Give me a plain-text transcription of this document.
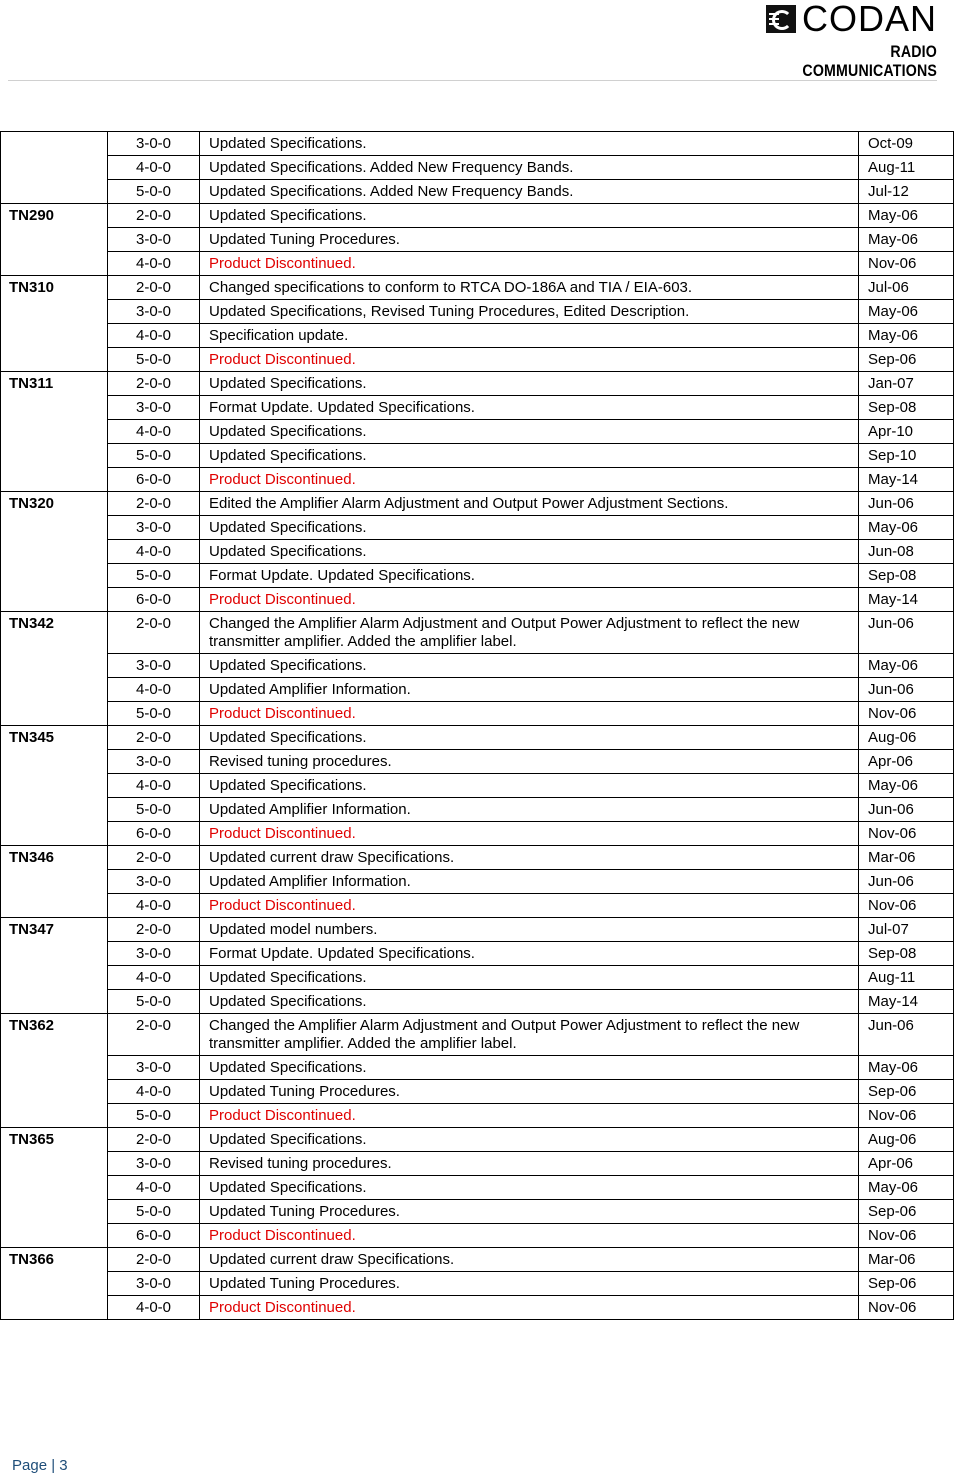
CODAN
RADIO COMMUNICATIONS
	3-0-0	Updated Specifications.	Oct-09
	4-0-0	Updated Specifications. Added New Frequency Bands.	Aug-11
	5-0-0	Updated Specifications. Added New Frequency Bands.	Jul-12
TN290	2-0-0	Updated Specifications.	May-06
	3-0-0	Updated Tuning Procedures.	May-06
	4-0-0	Product Discontinued.	Nov-06
TN310	2-0-0	Changed specifications to conform to RTCA DO-186A and TIA / EIA-603.	Jul-06
	3-0-0	Updated Specifications, Revised Tuning Procedures, Edited Description.	May-06
	4-0-0	Specification update.	May-06
	5-0-0	Product Discontinued.	Sep-06
TN311	2-0-0	Updated Specifications.	Jan-07
	3-0-0	Format Update. Updated Specifications.	Sep-08
	4-0-0	Updated Specifications.	Apr-10
	5-0-0	Updated Specifications.	Sep-10
	6-0-0	Product Discontinued.	May-14
TN320	2-0-0	Edited the Amplifier Alarm Adjustment and Output Power Adjustment Sections.	Jun-06
	3-0-0	Updated Specifications.	May-06
	4-0-0	Updated Specifications.	Jun-08
	5-0-0	Format Update. Updated Specifications.	Sep-08
	6-0-0	Product Discontinued.	May-14
TN342	2-0-0	Changed the Amplifier Alarm Adjustment and Output Power Adjustment to reflect the new transmitter amplifier. Added the amplifier label.	Jun-06
	3-0-0	Updated Specifications.	May-06
	4-0-0	Updated Amplifier Information.	Jun-06
	5-0-0	Product Discontinued.	Nov-06
TN345	2-0-0	Updated Specifications.	Aug-06
	3-0-0	Revised tuning procedures.	Apr-06
	4-0-0	Updated Specifications.	May-06
	5-0-0	Updated Amplifier Information.	Jun-06
	6-0-0	Product Discontinued.	Nov-06
TN346	2-0-0	Updated current draw Specifications.	Mar-06
	3-0-0	Updated Amplifier Information.	Jun-06
	4-0-0	Product Discontinued.	Nov-06
TN347	2-0-0	Updated model numbers.	Jul-07
	3-0-0	Format Update. Updated Specifications.	Sep-08
	4-0-0	Updated Specifications.	Aug-11
	5-0-0	Updated Specifications.	May-14
TN362	2-0-0	Changed the Amplifier Alarm Adjustment and Output Power Adjustment to reflect the new transmitter amplifier. Added the amplifier label.	Jun-06
	3-0-0	Updated Specifications.	May-06
	4-0-0	Updated Tuning Procedures.	Sep-06
	5-0-0	Product Discontinued.	Nov-06
TN365	2-0-0	Updated Specifications.	Aug-06
	3-0-0	Revised tuning procedures.	Apr-06
	4-0-0	Updated Specifications.	May-06
	5-0-0	Updated Tuning Procedures.	Sep-06
	6-0-0	Product Discontinued.	Nov-06
TN366	2-0-0	Updated current draw Specifications.	Mar-06
	3-0-0	Updated Tuning Procedures.	Sep-06
	4-0-0	Product Discontinued.	Nov-06
Page | 3
